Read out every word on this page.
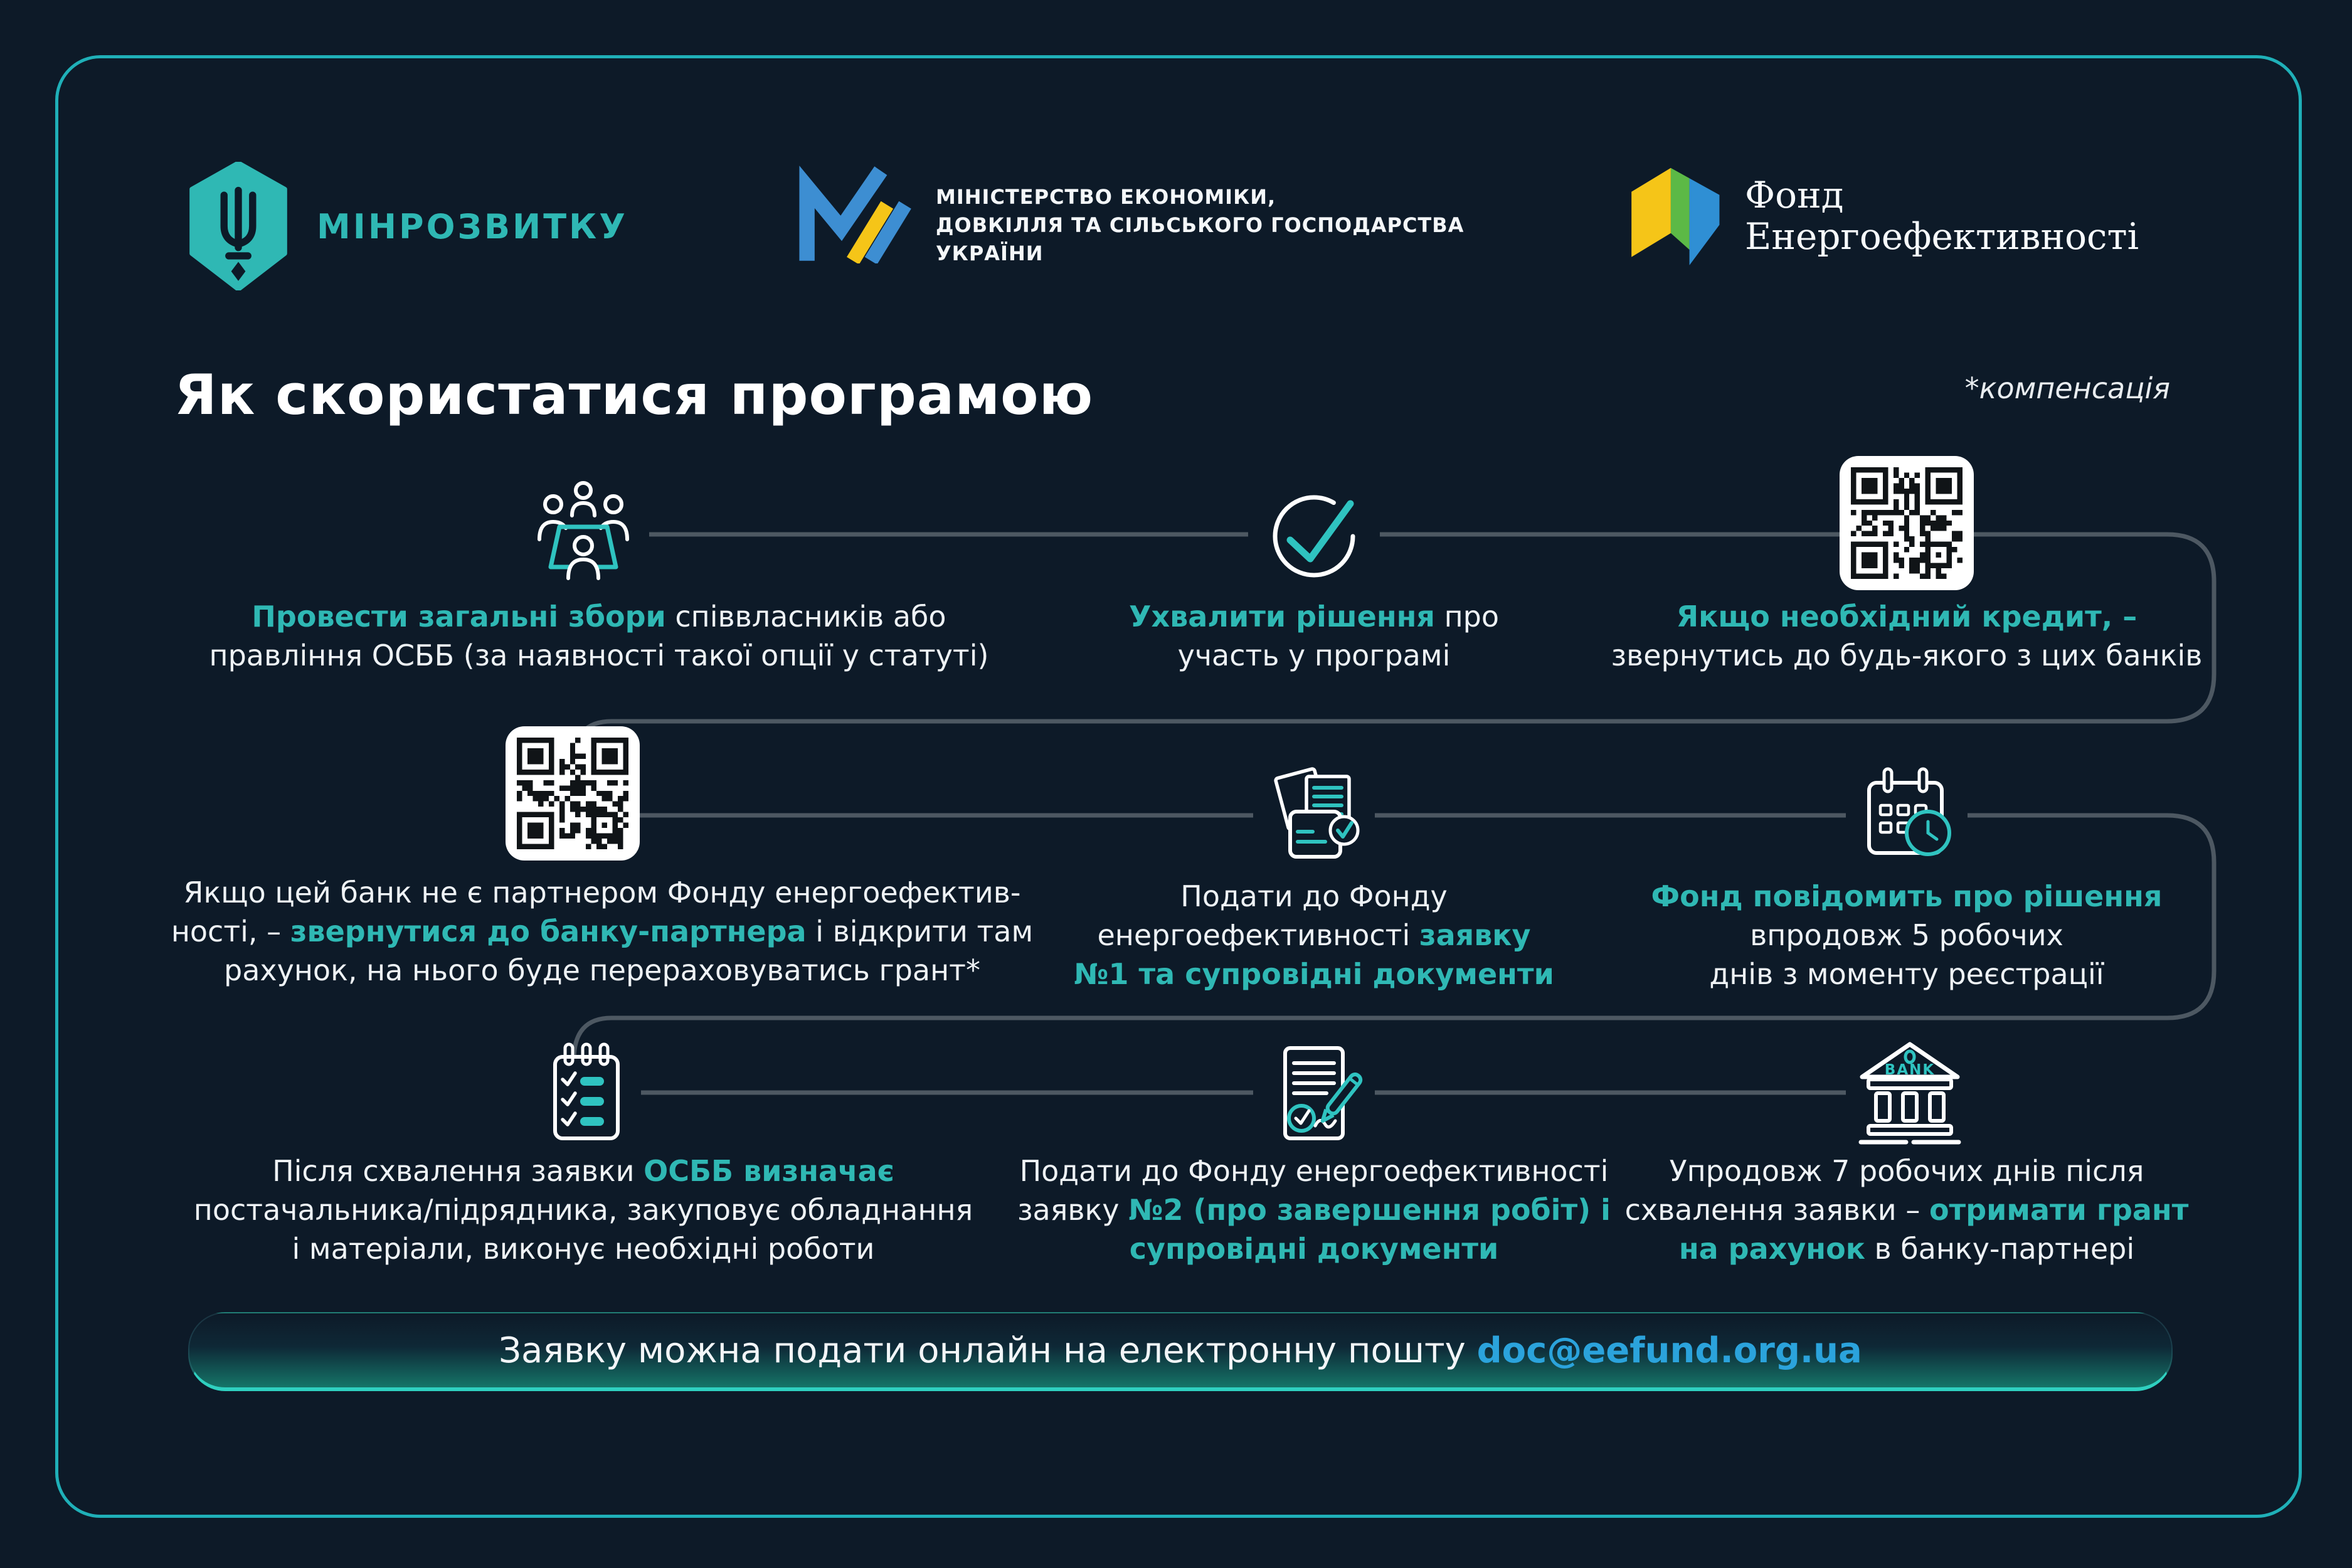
МІНРОЗВИТКУ
МІНІСТЕРСТВО ЕКОНОМІКИ,
ДОВКІЛЛЯ ТА СІЛЬСЬКОГО ГОСПОДАРСТВА
УКРАЇНИ
Фонд
Енергоефективності
Як скористатися програмою	*компенсація
BANK
Провести загальні збори співвласників або
правління ОСББ (за наявності такої опції у статуті)
Ухвалити рішення про
участь у програмі
Якщо необхідний кредит, –
звернутись до будь-якого з цих банків
Якщо цей банк не є партнером Фонду енергоефектив-
ності, – звернутися до банку-партнера і відкрити там
рахунок, на нього буде перераховуватись грант*
Подати до Фонду
енергоефективності заявку
№1 та супровідні документи
Фонд повідомить про рішення
впродовж 5 робочих
днів з моменту реєстрації
Після схвалення заявки ОСББ визначає
постачальника/підрядника, закуповує обладнання
і матеріали, виконує необхідні роботи
Подати до Фонду енергоефективності
заявку №2 (про завершення робіт) і
супровідні документи
Упродовж 7 робочих днів після
схвалення заявки – отримати грант
на рахунок в банку-партнері
Заявку можна подати онлайн на електронну пошту doc@eefund.org.ua
